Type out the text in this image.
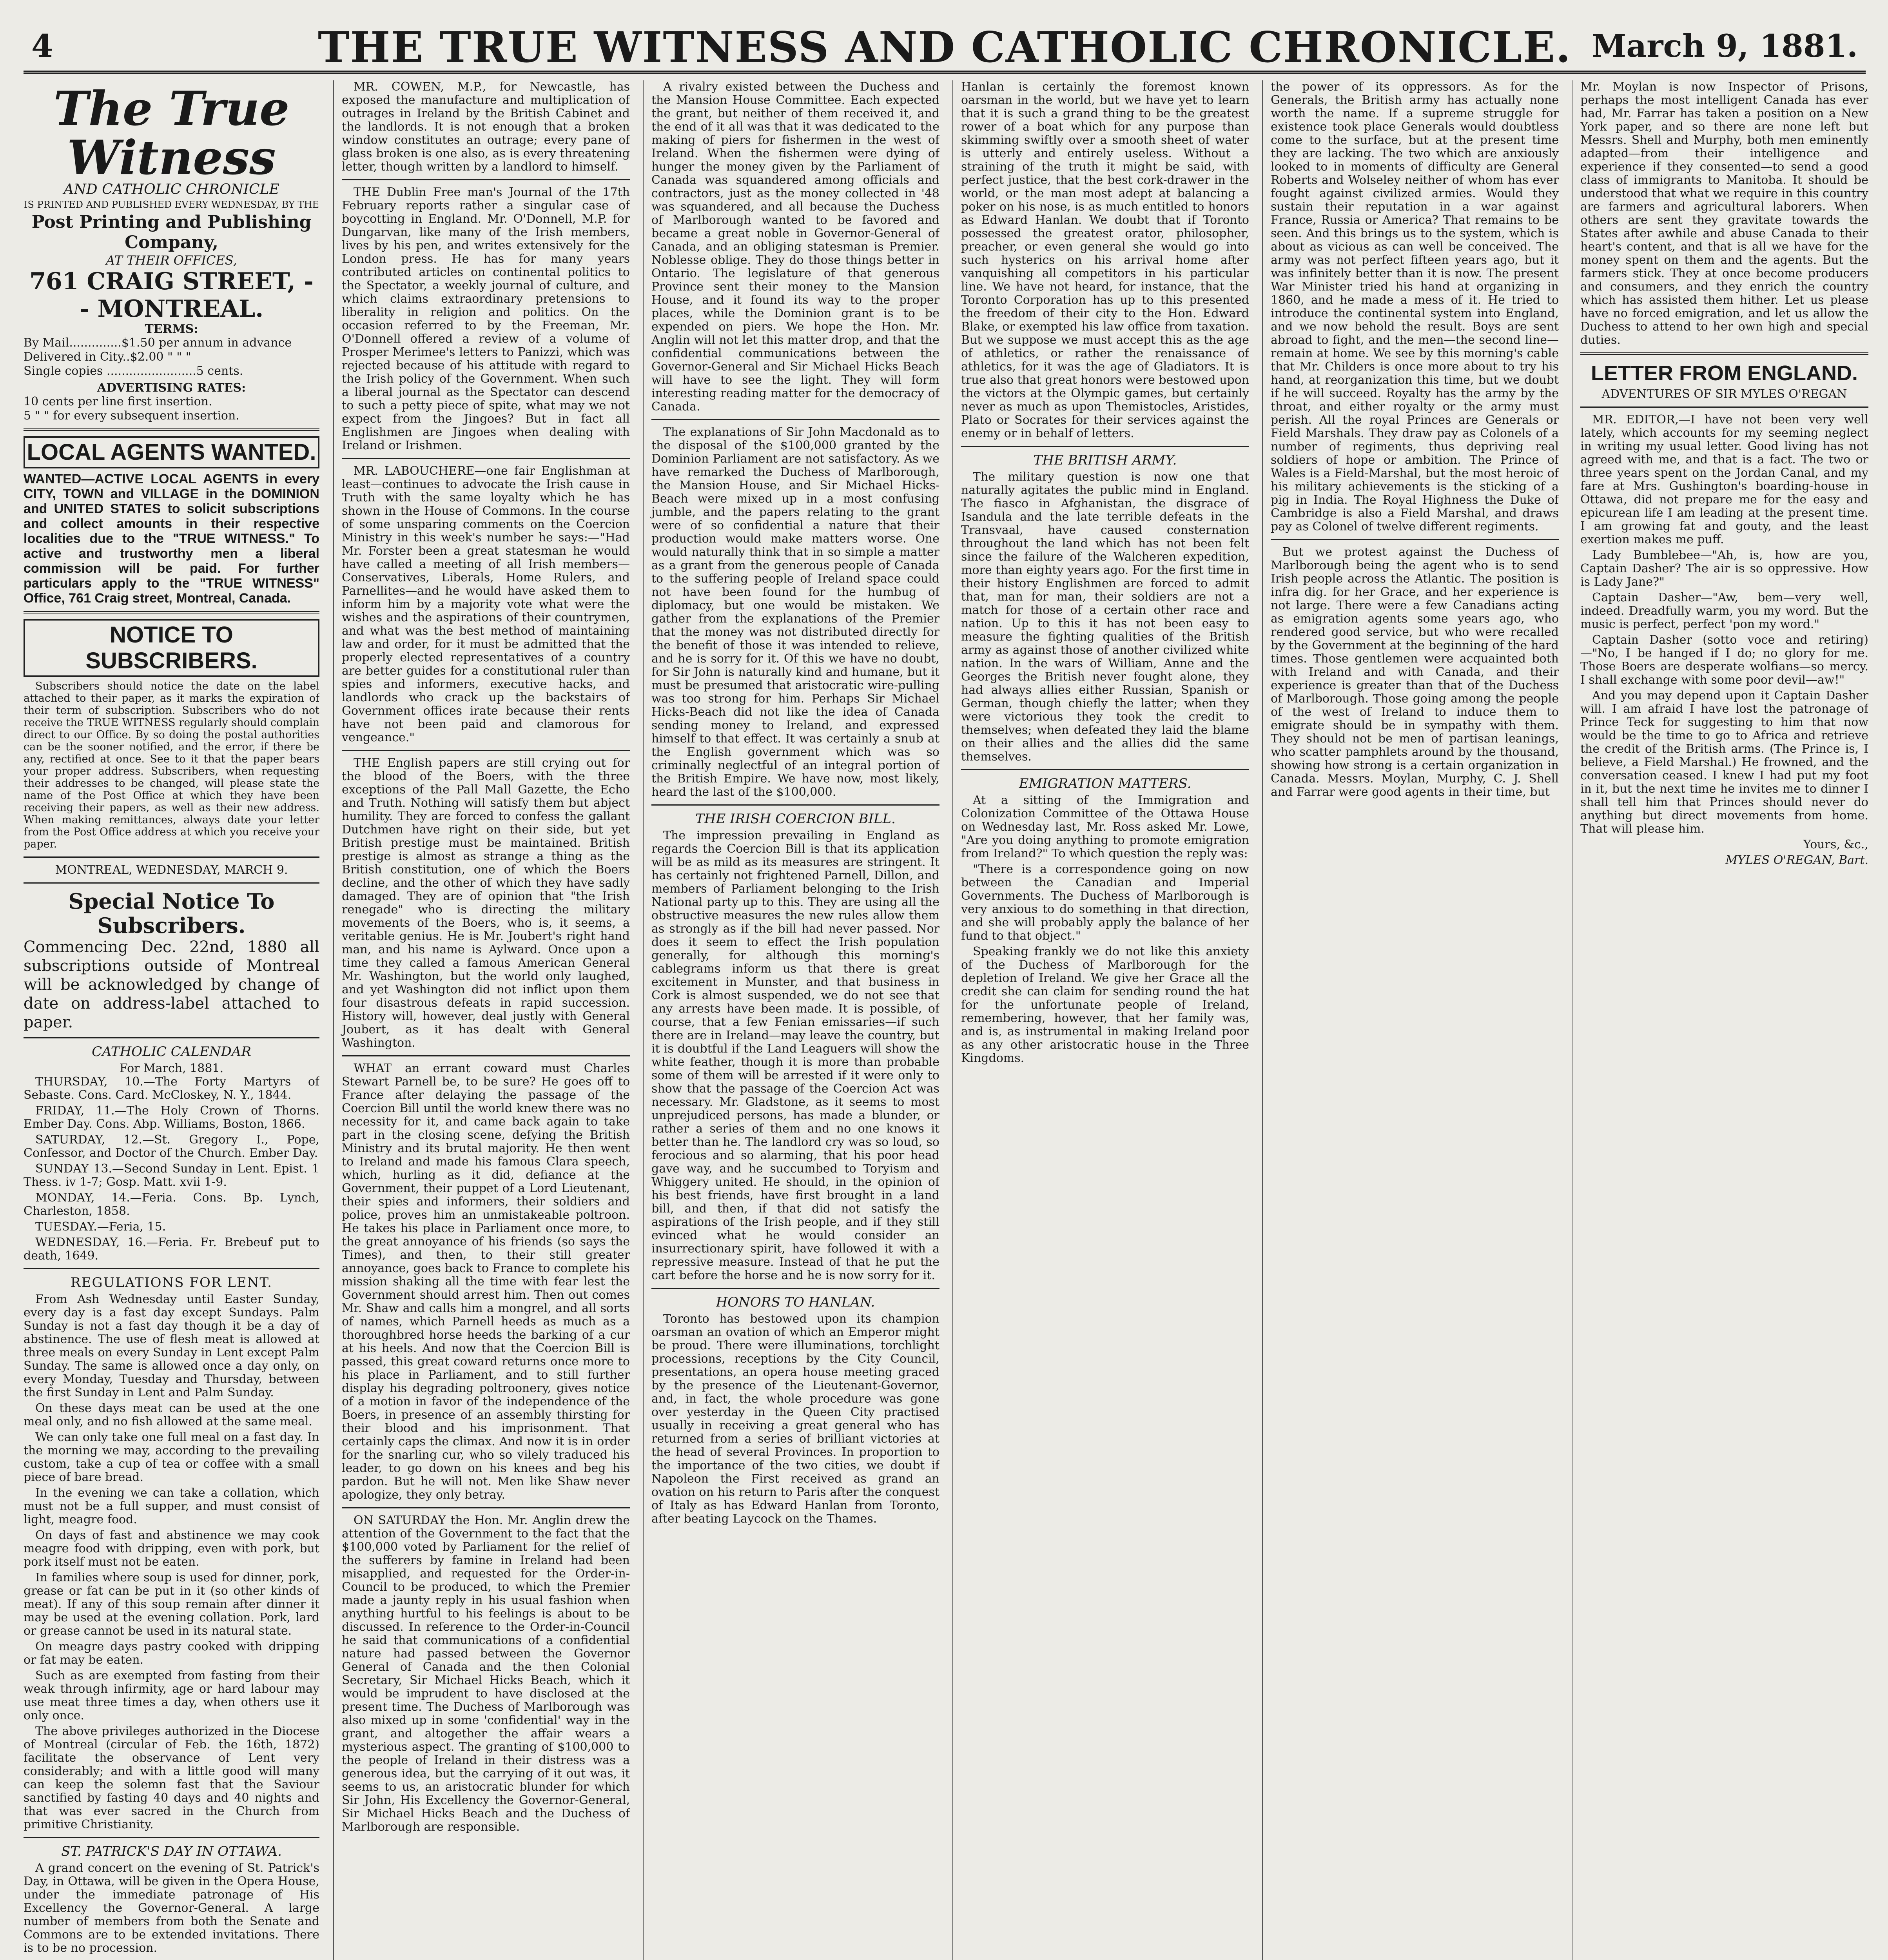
4	THE TRUE WITNESS AND CATHOLIC CHRONICLE. March 9, 1881.
The True Witness
AND CATHOLIC CHRONICLE
IS PRINTED AND PUBLISHED EVERY WEDNESDAY, BY THE
Post Printing and Publishing Company,
AT THEIR OFFICES,
761 CRAIG STREET, - - MONTREAL.
TERMS:
By Mail..............$1.50 per annum in advance
Delivered in City..$2.00 " " "
Single copies ........................5 cents.
ADVERTISING RATES:
10 cents per line first insertion.
5 " " for every subsequent insertion.
LOCAL AGENTS WANTED.
WANTED—ACTIVE LOCAL AGENTS in every CITY, TOWN and VILLAGE in the DOMINION and UNITED STATES to solicit subscriptions and collect amounts in their respective localities due to the "TRUE WITNESS." To active and trustworthy men a liberal commission will be paid. For further particulars apply to the "TRUE WITNESS" Office, 761 Craig street, Montreal, Canada.
NOTICE TO SUBSCRIBERS.

Subscribers should notice the date on the label attached to their paper, as it marks the expiration of their term of subscription. Subscribers who do not receive the TRUE WITNESS regularly should complain direct to our Office. By so doing the postal authorities can be the sooner notified, and the error, if there be any, rectified at once. See to it that the paper bears your proper address. Subscribers, when requesting their addresses to be changed, will please state the name of the Post Office at which they have been receiving their papers, as well as their new address. When making remittances, always date your letter from the Post Office address at which you receive your paper.

MONTREAL, WEDNESDAY, MARCH 9.
Special Notice To Subscribers.
Commencing Dec. 22nd, 1880 all subscriptions outside of Montreal will be acknowledged by change of date on address-label attached to paper.
CATHOLIC CALENDAR
For March, 1881.

THURSDAY, 10.—The Forty Martyrs of Sebaste. Cons. Card. McCloskey, N. Y., 1844.

FRIDAY, 11.—The Holy Crown of Thorns. Ember Day. Cons. Abp. Williams, Boston, 1866.

SATURDAY, 12.—St. Gregory I., Pope, Confessor, and Doctor of the Church. Ember Day.

SUNDAY 13.—Second Sunday in Lent. Epist. 1 Thess. iv 1-7; Gosp. Matt. xvii 1-9.

MONDAY, 14.—Feria. Cons. Bp. Lynch, Charleston, 1858.

TUESDAY.—Feria, 15.

WEDNESDAY, 16.—Feria. Fr. Brebeuf put to death, 1649.

REGULATIONS FOR LENT.

From Ash Wednesday until Easter Sunday, every day is a fast day except Sundays. Palm Sunday is not a fast day though it be a day of abstinence. The use of flesh meat is allowed at three meals on every Sunday in Lent except Palm Sunday. The same is allowed once a day only, on every Monday, Tuesday and Thursday, between the first Sunday in Lent and Palm Sunday.

On these days meat can be used at the one meal only, and no fish allowed at the same meal.

We can only take one full meal on a fast day. In the morning we may, according to the prevailing custom, take a cup of tea or coffee with a small piece of bare bread.

In the evening we can take a collation, which must not be a full supper, and must consist of light, meagre food.

On days of fast and abstinence we may cook meagre food with dripping, even with pork, but pork itself must not be eaten.

In families where soup is used for dinner, pork, grease or fat can be put in it (so other kinds of meat). If any of this soup remain after dinner it may be used at the evening collation. Pork, lard or grease cannot be used in its natural state.

On meagre days pastry cooked with dripping or fat may be eaten.

Such as are exempted from fasting from their weak through infirmity, age or hard labour may use meat three times a day, when others use it only once.

The above privileges authorized in the Diocese of Montreal (circular of Feb. the 16th, 1872) facilitate the observance of Lent very considerably; and with a little good will many can keep the solemn fast that the Saviour sanctified by fasting 40 days and 40 nights and that was ever sacred in the Church from primitive Christianity.

ST. PATRICK'S DAY IN OTTAWA.

A grand concert on the evening of St. Patrick's Day, in Ottawa, will be given in the Opera House, under the immediate patronage of His Excellency the Governor-General. A large number of members from both the Senate and Commons are to be extended invitations. There is to be no procession.

MR. COWEN, M.P., for Newcastle, has exposed the manufacture and multiplication of outrages in Ireland by the British Cabinet and the landlords. It is not enough that a broken window constitutes an outrage; every pane of glass broken is one also, as is every threatening letter, though written by a landlord to himself.

THE Dublin Free man's Journal of the 17th February reports rather a singular case of boycotting in England. Mr. O'Donnell, M.P. for Dungarvan, like many of the Irish members, lives by his pen, and writes extensively for the London press. He has for many years contributed articles on continental politics to the Spectator, a weekly journal of culture, and which claims extraordinary pretensions to liberality in religion and politics. On the occasion referred to by the Freeman, Mr. O'Donnell offered a review of a volume of Prosper Merimee's letters to Panizzi, which was rejected because of his attitude with regard to the Irish policy of the Government. When such a liberal journal as the Spectator can descend to such a petty piece of spite, what may we not expect from the Jingoes? But in fact all Englishmen are Jingoes when dealing with Ireland or Irishmen.

MR. LABOUCHERE—one fair Englishman at least—continues to advocate the Irish cause in Truth with the same loyalty which he has shown in the House of Commons. In the course of some unsparing comments on the Coercion Ministry in this week's number he says:—"Had Mr. Forster been a great statesman he would have called a meeting of all Irish members—Conservatives, Liberals, Home Rulers, and Parnellites—and he would have asked them to inform him by a majority vote what were the wishes and the aspirations of their countrymen, and what was the best method of maintaining law and order, for it must be admitted that the properly elected representatives of a country are better guides for a constitutional ruler than spies and informers, executive hacks, and landlords who crack up the backstairs of Government offices irate because their rents have not been paid and clamorous for vengeance."

THE English papers are still crying out for the blood of the Boers, with the three exceptions of the Pall Mall Gazette, the Echo and Truth. Nothing will satisfy them but abject humility. They are forced to confess the gallant Dutchmen have right on their side, but yet British prestige must be maintained. British prestige is almost as strange a thing as the British constitution, one of which the Boers decline, and the other of which they have sadly damaged. They are of opinion that "the Irish renegade" who is directing the military movements of the Boers, who is, it seems, a veritable genius. He is Mr. Joubert's right hand man, and his name is Aylward. Once upon a time they called a famous American General Mr. Washington, but the world only laughed, and yet Washington did not inflict upon them four disastrous defeats in rapid succession. History will, however, deal justly with General Joubert, as it has dealt with General Washington.

WHAT an errant coward must Charles Stewart Parnell be, to be sure? He goes off to France after delaying the passage of the Coercion Bill until the world knew there was no necessity for it, and came back again to take part in the closing scene, defying the British Ministry and its brutal majority. He then went to Ireland and made his famous Clara speech, which, hurling as it did, defiance at the Government, their puppet of a Lord Lieutenant, their spies and informers, their soldiers and police, proves him an unmistakeable poltroon. He takes his place in Parliament once more, to the great annoyance of his friends (so says the Times), and then, to their still greater annoyance, goes back to France to complete his mission shaking all the time with fear lest the Government should arrest him. Then out comes Mr. Shaw and calls him a mongrel, and all sorts of names, which Parnell heeds as much as a thoroughbred horse heeds the barking of a cur at his heels. And now that the Coercion Bill is passed, this great coward returns once more to his place in Parliament, and to still further display his degrading poltroonery, gives notice of a motion in favor of the independence of the Boers, in presence of an assembly thirsting for their blood and his imprisonment. That certainly caps the climax. And now it is in order for the snarling cur, who so vilely traduced his leader, to go down on his knees and beg his pardon. But he will not. Men like Shaw never apologize, they only betray.

ON SATURDAY the Hon. Mr. Anglin drew the attention of the Government to the fact that the $100,000 voted by Parliament for the relief of the sufferers by famine in Ireland had been misapplied, and requested for the Order-in-Council to be produced, to which the Premier made a jaunty reply in his usual fashion when anything hurtful to his feelings is about to be discussed. In reference to the Order-in-Council he said that communications of a confidential nature had passed between the Governor General of Canada and the then Colonial Secretary, Sir Michael Hicks Beach, which it would be imprudent to have disclosed at the present time. The Duchess of Marlborough was also mixed up in some 'confidential' way in the grant, and altogether the affair wears a mysterious aspect. The granting of $100,000 to the people of Ireland in their distress was a generous idea, but the carrying of it out was, it seems to us, an aristocratic blunder for which Sir John, His Excellency the Governor-General, Sir Michael Hicks Beach and the Duchess of Marlborough are responsible.

A rivalry existed between the Duchess and the Mansion House Committee. Each expected the grant, but neither of them received it, and the end of it all was that it was dedicated to the making of piers for fishermen in the west of Ireland. When the fishermen were dying of hunger the money given by the Parliament of Canada was squandered among officials and contractors, just as the money collected in '48 was squandered, and all because the Duchess of Marlborough wanted to be favored and became a great noble in Governor-General of Canada, and an obliging statesman is Premier. Noblesse oblige. They do those things better in Ontario. The legislature of that generous Province sent their money to the Mansion House, and it found its way to the proper places, while the Dominion grant is to be expended on piers. We hope the Hon. Mr. Anglin will not let this matter drop, and that the confidential communications between the Governor-General and Sir Michael Hicks Beach will have to see the light. They will form interesting reading matter for the democracy of Canada.

The explanations of Sir John Macdonald as to the disposal of the $100,000 granted by the Dominion Parliament are not satisfactory. As we have remarked the Duchess of Marlborough, the Mansion House, and Sir Michael Hicks-Beach were mixed up in a most confusing jumble, and the papers relating to the grant were of so confidential a nature that their production would make matters worse. One would naturally think that in so simple a matter as a grant from the generous people of Canada to the suffering people of Ireland space could not have been found for the humbug of diplomacy, but one would be mistaken. We gather from the explanations of the Premier that the money was not distributed directly for the benefit of those it was intended to relieve, and he is sorry for it. Of this we have no doubt, for Sir John is naturally kind and humane, but it must be presumed that aristocratic wire-pulling was too strong for him. Perhaps Sir Michael Hicks-Beach did not like the idea of Canada sending money to Ireland, and expressed himself to that effect. It was certainly a snub at the English government which was so criminally neglectful of an integral portion of the British Empire. We have now, most likely, heard the last of the $100,000.

THE IRISH COERCION BILL.

The impression prevailing in England as regards the Coercion Bill is that its application will be as mild as its measures are stringent. It has certainly not frightened Parnell, Dillon, and members of Parliament belonging to the Irish National party up to this. They are using all the obstructive measures the new rules allow them as strongly as if the bill had never passed. Nor does it seem to effect the Irish population generally, for although this morning's cablegrams inform us that there is great excitement in Munster, and that business in Cork is almost suspended, we do not see that any arrests have been made. It is possible, of course, that a few Fenian emissaries—if such there are in Ireland—may leave the country, but it is doubtful if the Land Leaguers will show the white feather, though it is more than probable some of them will be arrested if it were only to show that the passage of the Coercion Act was necessary. Mr. Gladstone, as it seems to most unprejudiced persons, has made a blunder, or rather a series of them and no one knows it better than he. The landlord cry was so loud, so ferocious and so alarming, that his poor head gave way, and he succumbed to Toryism and Whiggery united. He should, in the opinion of his best friends, have first brought in a land bill, and then, if that did not satisfy the aspirations of the Irish people, and if they still evinced what he would consider an insurrectionary spirit, have followed it with a repressive measure. Instead of that he put the cart before the horse and he is now sorry for it.

HONORS TO HANLAN.

Toronto has bestowed upon its champion oarsman an ovation of which an Emperor might be proud. There were illuminations, torchlight processions, receptions by the City Council, presentations, an opera house meeting graced by the presence of the Lieutenant-Governor, and, in fact, the whole procedure was gone over yesterday in the Queen City practised usually in receiving a great general who has returned from a series of brilliant victories at the head of several Provinces. In proportion to the importance of the two cities, we doubt if Napoleon the First received as grand an ovation on his return to Paris after the conquest of Italy as has Edward Hanlan from Toronto, after beating Laycock on the Thames.

Hanlan is certainly the foremost known oarsman in the world, but we have yet to learn that it is such a grand thing to be the greatest rower of a boat which for any purpose than skimming swiftly over a smooth sheet of water is utterly and entirely useless. Without a straining of the truth it might be said, with perfect justice, that the best cork-drawer in the world, or the man most adept at balancing a poker on his nose, is as much entitled to honors as Edward Hanlan. We doubt that if Toronto possessed the greatest orator, philosopher, preacher, or even general she would go into such hysterics on his arrival home after vanquishing all competitors in his particular line. We have not heard, for instance, that the Toronto Corporation has up to this presented the freedom of their city to the Hon. Edward Blake, or exempted his law office from taxation. But we suppose we must accept this as the age of athletics, or rather the renaissance of athletics, for it was the age of Gladiators. It is true also that great honors were bestowed upon the victors at the Olympic games, but certainly never as much as upon Themistocles, Aristides, Plato or Socrates for their services against the enemy or in behalf of letters.

THE BRITISH ARMY.

The military question is now one that naturally agitates the public mind in England. The fiasco in Afghanistan, the disgrace of Isandula and the late terrible defeats in the Transvaal, have caused consternation throughout the land which has not been felt since the failure of the Walcheren expedition, more than eighty years ago. For the first time in their history Englishmen are forced to admit that, man for man, their soldiers are not a match for those of a certain other race and nation. Up to this it has not been easy to measure the fighting qualities of the British army as against those of another civilized white nation. In the wars of William, Anne and the Georges the British never fought alone, they had always allies either Russian, Spanish or German, though chiefly the latter; when they were victorious they took the credit to themselves; when defeated they laid the blame on their allies and the allies did the same themselves.

EMIGRATION MATTERS.

At a sitting of the Immigration and Colonization Committee of the Ottawa House on Wednesday last, Mr. Ross asked Mr. Lowe, "Are you doing anything to promote emigration from Ireland?" To which question the reply was:

"There is a correspondence going on now between the Canadian and Imperial Governments. The Duchess of Marlborough is very anxious to do something in that direction, and she will probably apply the balance of her fund to that object."

Speaking frankly we do not like this anxiety of the Duchess of Marlborough for the depletion of Ireland. We give her Grace all the credit she can claim for sending round the hat for the unfortunate people of Ireland, remembering, however, that her family was, and is, as instrumental in making Ireland poor as any other aristocratic house in the Three Kingdoms.

the power of its oppressors. As for the Generals, the British army has actually none worth the name. If a supreme struggle for existence took place Generals would doubtless come to the surface, but at the present time they are lacking. The two which are anxiously looked to in moments of difficulty are General Roberts and Wolseley neither of whom has ever fought against civilized armies. Would they sustain their reputation in a war against France, Russia or America? That remains to be seen. And this brings us to the system, which is about as vicious as can well be conceived. The army was not perfect fifteen years ago, but it was infinitely better than it is now. The present War Minister tried his hand at organizing in 1860, and he made a mess of it. He tried to introduce the continental system into England, and we now behold the result. Boys are sent abroad to fight, and the men—the second line—remain at home. We see by this morning's cable that Mr. Childers is once more about to try his hand, at reorganization this time, but we doubt if he will succeed. Royalty has the army by the throat, and either royalty or the army must perish. All the royal Princes are Generals or Field Marshals. They draw pay as Colonels of a number of regiments, thus depriving real soldiers of hope or ambition. The Prince of Wales is a Field-Marshal, but the most heroic of his military achievements is the sticking of a pig in India. The Royal Highness the Duke of Cambridge is also a Field Marshal, and draws pay as Colonel of twelve different regiments.

But we protest against the Duchess of Marlborough being the agent who is to send Irish people across the Atlantic. The position is infra dig. for her Grace, and her experience is not large. There were a few Canadians acting as emigration agents some years ago, who rendered good service, but who were recalled by the Government at the beginning of the hard times. Those gentlemen were acquainted both with Ireland and with Canada, and their experience is greater than that of the Duchess of Marlborough. Those going among the people of the west of Ireland to induce them to emigrate should be in sympathy with them. They should not be men of partisan leanings, who scatter pamphlets around by the thousand, showing how strong is a certain organization in Canada. Messrs. Moylan, Murphy, C. J. Shell and Farrar were good agents in their time, but

Mr. Moylan is now Inspector of Prisons, perhaps the most intelligent Canada has ever had, Mr. Farrar has taken a position on a New York paper, and so there are none left but Messrs. Shell and Murphy, both men eminently adapted—from their intelligence and experience if they consented—to send a good class of immigrants to Manitoba. It should be understood that what we require in this country are farmers and agricultural laborers. When others are sent they gravitate towards the States after awhile and abuse Canada to their heart's content, and that is all we have for the money spent on them and the agents. But the farmers stick. They at once become producers and consumers, and they enrich the country which has assisted them hither. Let us please have no forced emigration, and let us allow the Duchess to attend to her own high and special duties.

LETTER FROM ENGLAND.
ADVENTURES OF SIR MYLES O'REGAN

MR. EDITOR,—I have not been very well lately, which accounts for my seeming neglect in writing my usual letter. Good living has not agreed with me, and that is a fact. The two or three years spent on the Jordan Canal, and my fare at Mrs. Gushington's boarding-house in Ottawa, did not prepare me for the easy and epicurean life I am leading at the present time. I am growing fat and gouty, and the least exertion makes me puff.

Lady Bumblebee—"Ah, is, how are you, Captain Dasher? The air is so oppressive. How is Lady Jane?"

Captain Dasher—"Aw, bem—very well, indeed. Dreadfully warm, you my word. But the music is perfect, perfect 'pon my word."

Captain Dasher (sotto voce and retiring)—"No, I be hanged if I do; no glory for me. Those Boers are desperate wolfians—so mercy. I shall exchange with some poor devil—aw!"

And you may depend upon it Captain Dasher will. I am afraid I have lost the patronage of Prince Teck for suggesting to him that now would be the time to go to Africa and retrieve the credit of the British arms. (The Prince is, I believe, a Field Marshal.) He frowned, and the conversation ceased. I knew I had put my foot in it, but the next time he invites me to dinner I shall tell him that Princes should never do anything but direct movements from home. That will please him.

Yours, &c.,

MYLES O'REGAN, Bart.
